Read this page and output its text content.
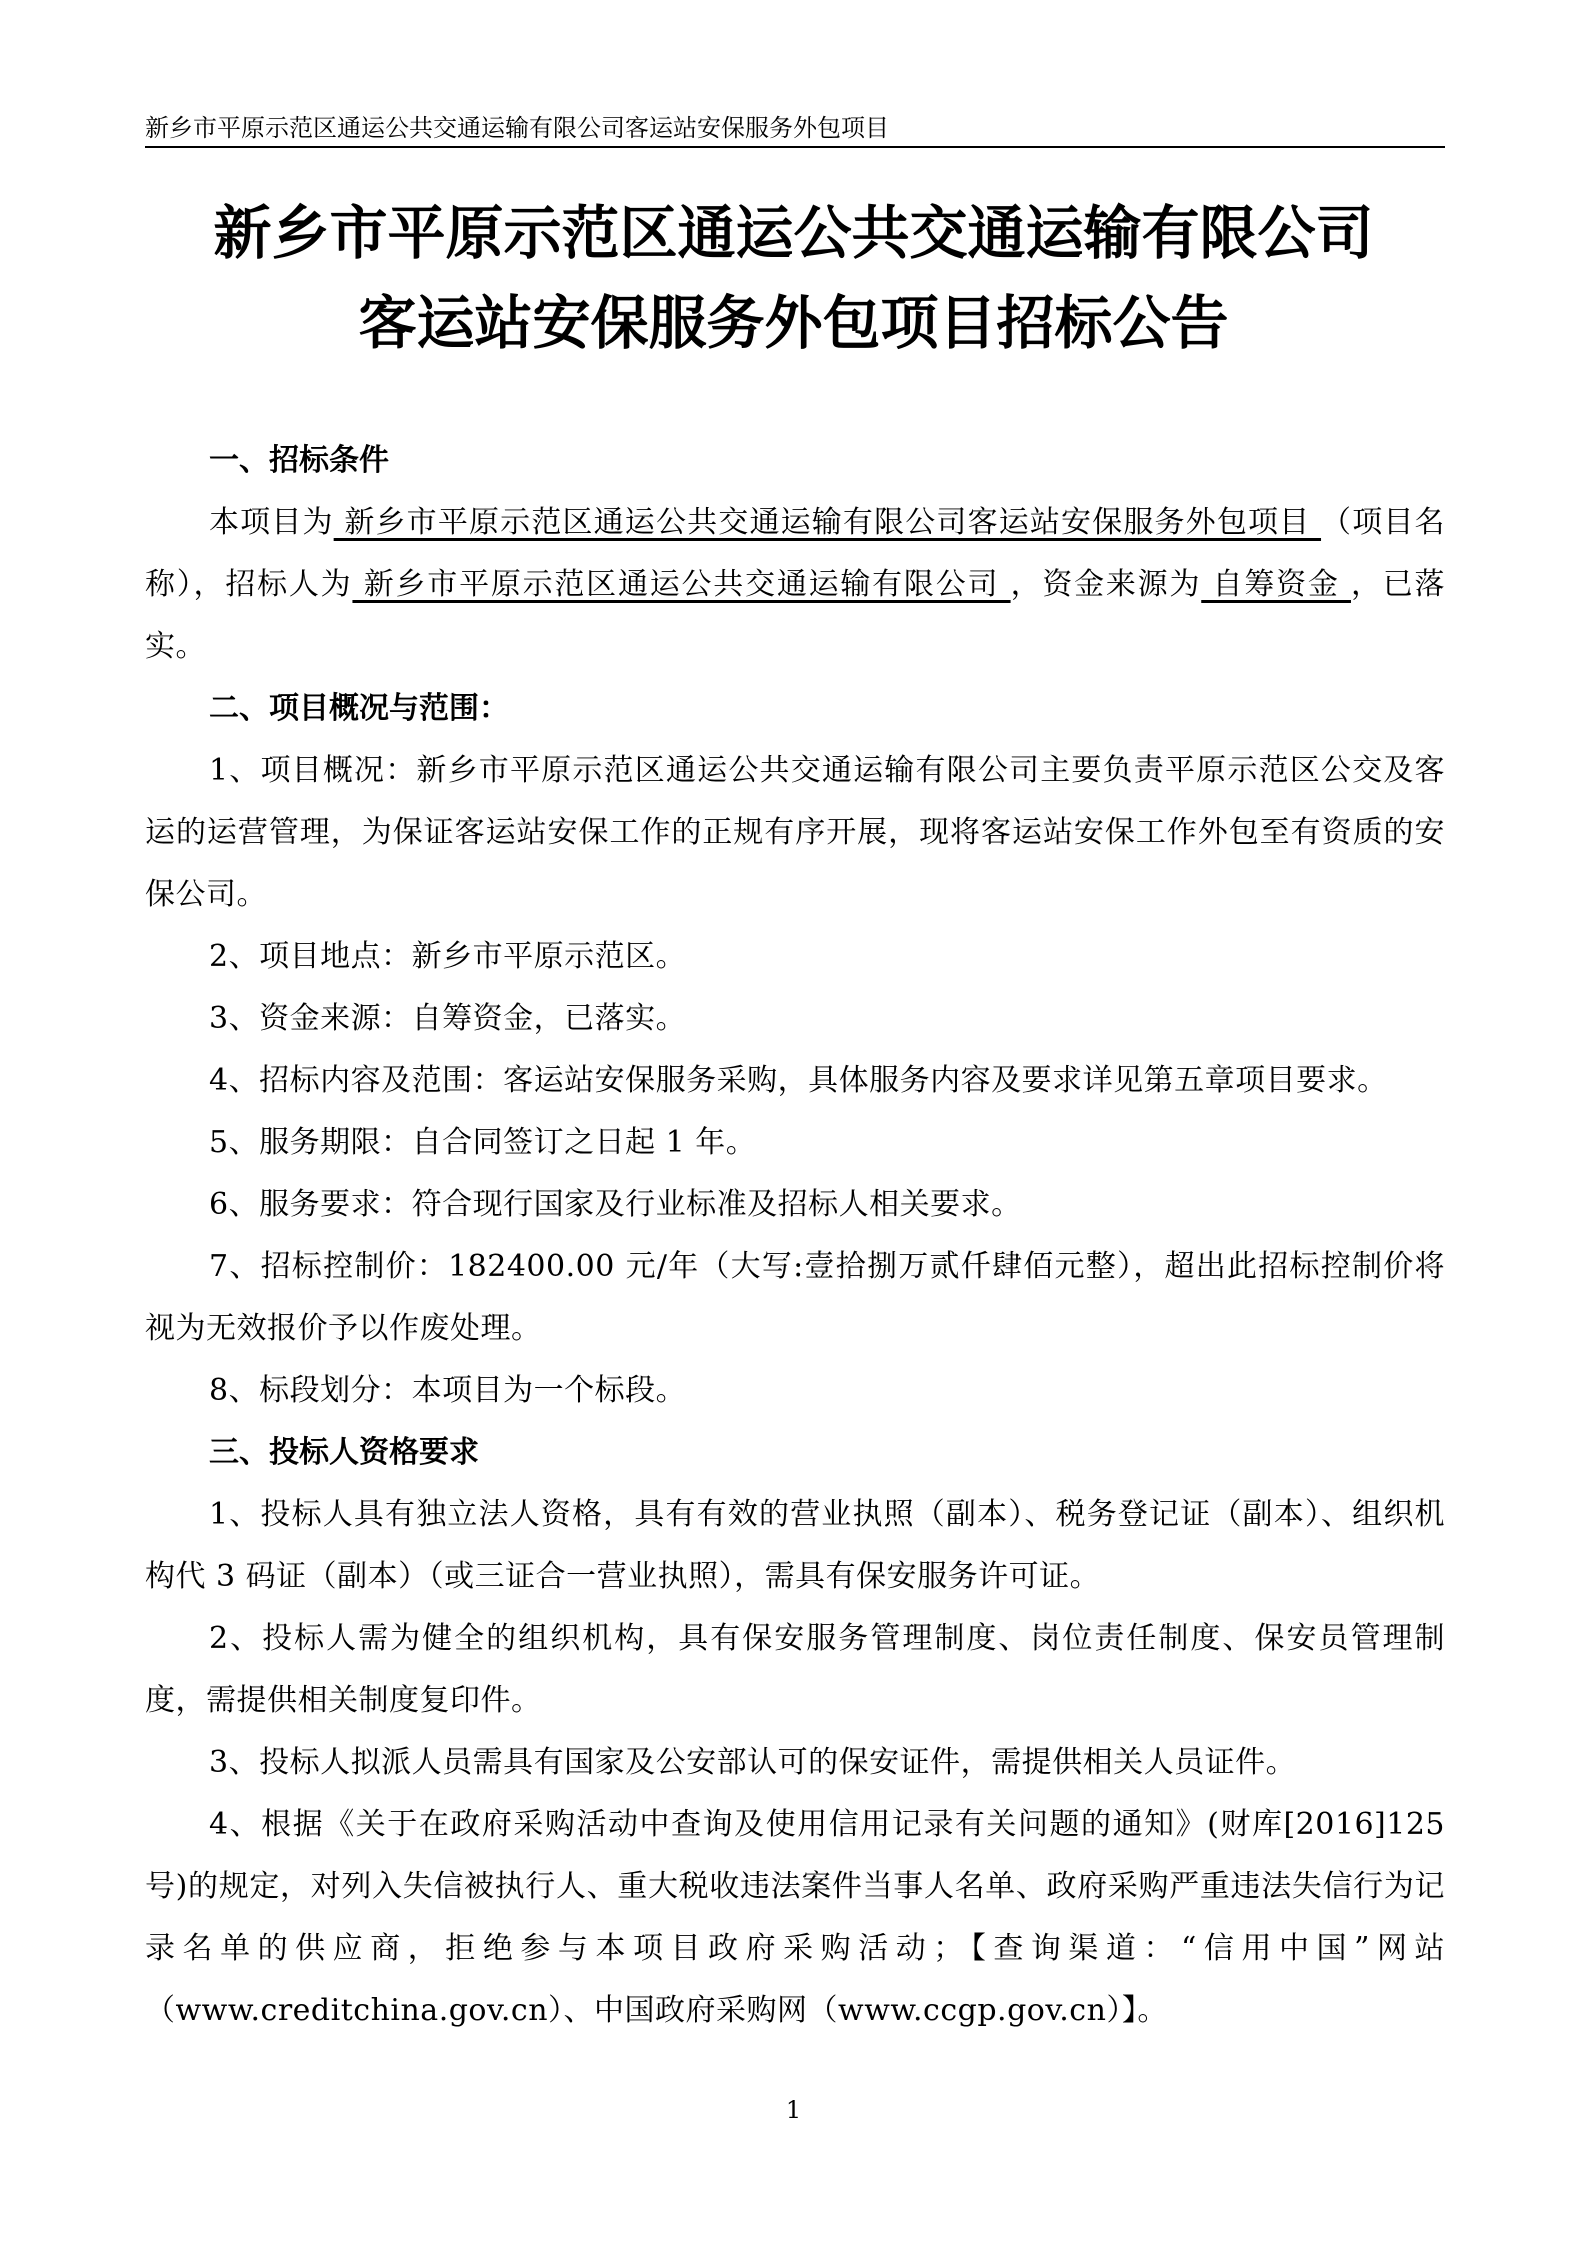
新乡市平原示范区通运公共交通运输有限公司客运站安保服务外包项目
新乡市平原示范区通运公共交通运输有限公司
客运站安保服务外包项目招标公告
一、招标条件
本项目为 新乡市平原示范区通运公共交通运输有限公司客运站安保服务外包项目 （项目名称），招标人为 新乡市平原示范区通运公共交通运输有限公司 ，资金来源为 自筹资金 ，已落实。
二、项目概况与范围：
1、项目概况：新乡市平原示范区通运公共交通运输有限公司主要负责平原示范区公交及客运的运营管理，为保证客运站安保工作的正规有序开展，现将客运站安保工作外包至有资质的安保公司。
2、项目地点：新乡市平原示范区。
3、资金来源：自筹资金，已落实。
4、招标内容及范围：客运站安保服务采购，具体服务内容及要求详见第五章项目要求。
5、服务期限：自合同签订之日起 1 年。
6、服务要求：符合现行国家及行业标准及招标人相关要求。
7、招标控制价：182400.00 元/年（大写:壹拾捌万贰仟肆佰元整），超出此招标控制价将视为无效报价予以作废处理。
8、标段划分：本项目为一个标段。
三、投标人资格要求
1、投标人具有独立法人资格，具有有效的营业执照（副本）、税务登记证（副本）、组织机构代 3 码证（副本）（或三证合一营业执照），需具有保安服务许可证。
2、投标人需为健全的组织机构，具有保安服务管理制度、岗位责任制度、保安员管理制度，需提供相关制度复印件。
3、投标人拟派人员需具有国家及公安部认可的保安证件，需提供相关人员证件。
4、根据《关于在政府采购活动中查询及使用信用记录有关问题的通知》(财库[2016]125 号)的规定，对列入失信被执行人、重大税收违法案件当事人名单、政府采购严重违法失信行为记录名单的供应商，拒绝参与本项目政府采购活动；【查询渠道：“信用中国”网站（www.creditchina.gov.cn）、中国政府采购网（www.ccgp.gov.cn）】。
1
